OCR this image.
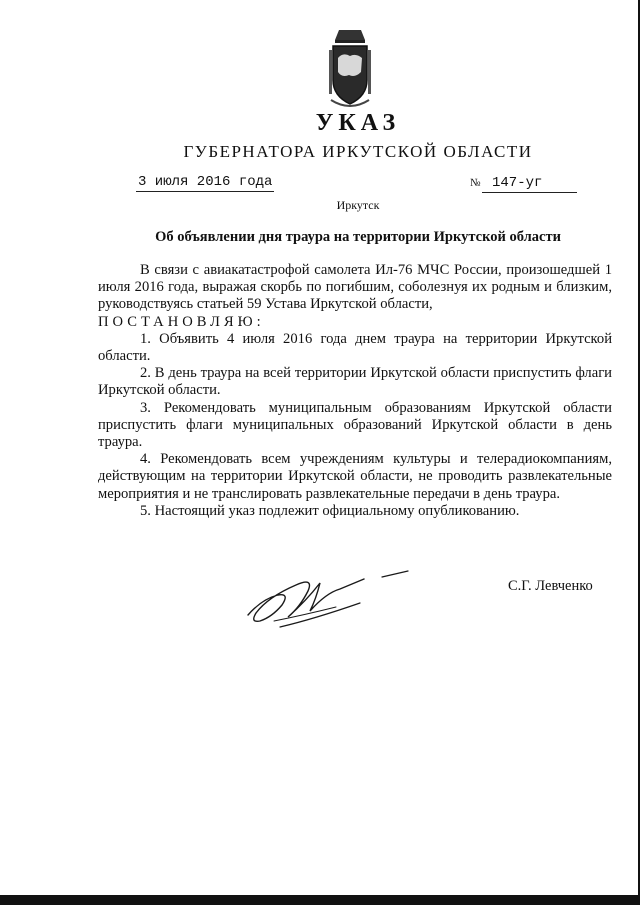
УКАЗ
ГУБЕРНАТОРА ИРКУТСКОЙ ОБЛАСТИ
3 июля 2016 года	№ 147-уг
Иркутск
Об объявлении дня траура на территории Иркутской области

В связи с авиакатастрофой самолета Ил-76 МЧС России, произошедшей 1 июля 2016 года, выражая скорбь по погибшим, соболезнуя их родным и близким, руководствуясь статьей 59 Устава Иркутской области,

ПОСТАНОВЛЯЮ:

1. Объявить 4 июля 2016 года днем траура на территории Иркутской области.

2. В день траура на всей территории Иркутской области приспустить флаги Иркутской области.

3. Рекомендовать муниципальным образованиям Иркутской области приспустить флаги муниципальных образований Иркутской области в день траура.

4. Рекомендовать всем учреждениям культуры и телерадиокомпаниям, действующим на территории Иркутской области, не проводить развлекательные мероприятия и не транслировать развлекательные передачи в день траура.

5. Настоящий указ подлежит официальному опубликованию.

С.Г. Левченко
